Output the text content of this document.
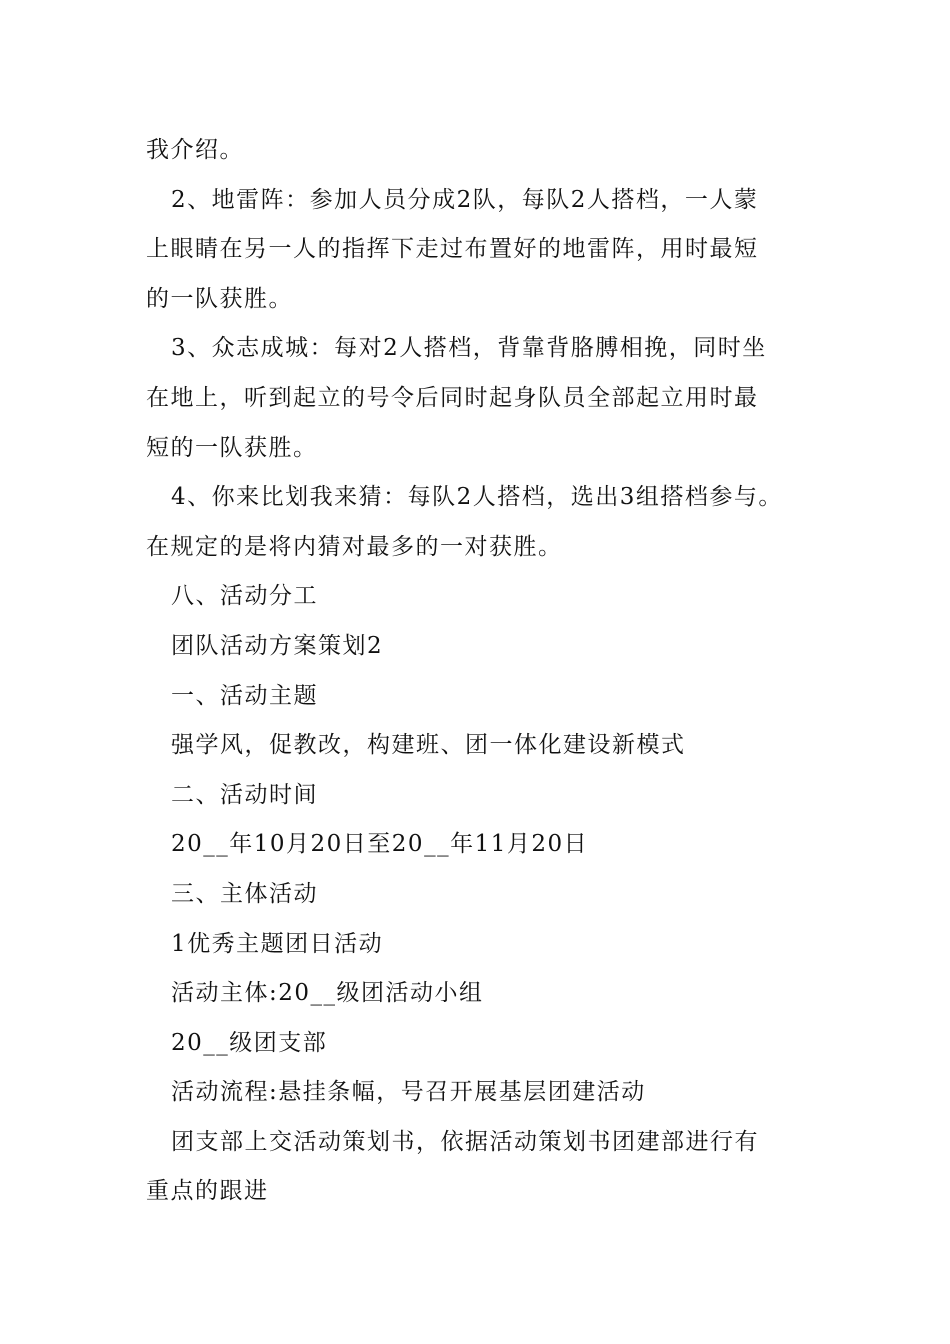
我介绍。
2、地雷阵：参加人员分成2队，每队2人搭档，一人蒙
上眼睛在另一人的指挥下走过布置好的地雷阵，用时最短
的一队获胜。
3、众志成城：每对2人搭档，背靠背胳膊相挽，同时坐
在地上，听到起立的号令后同时起身队员全部起立用时最
短的一队获胜。
4、你来比划我来猜：每队2人搭档，选出3组搭档参与。
在规定的是将内猜对最多的一对获胜。
八、活动分工
团队活动方案策划2
一、活动主题
强学风，促教改，构建班、团一体化建设新模式
二、活动时间
20__年10月20日至20__年11月20日
三、主体活动
1优秀主题团日活动
活动主体:20__级团活动小组
20__级团支部
活动流程:悬挂条幅，号召开展基层团建活动
团支部上交活动策划书，依据活动策划书团建部进行有
重点的跟进
